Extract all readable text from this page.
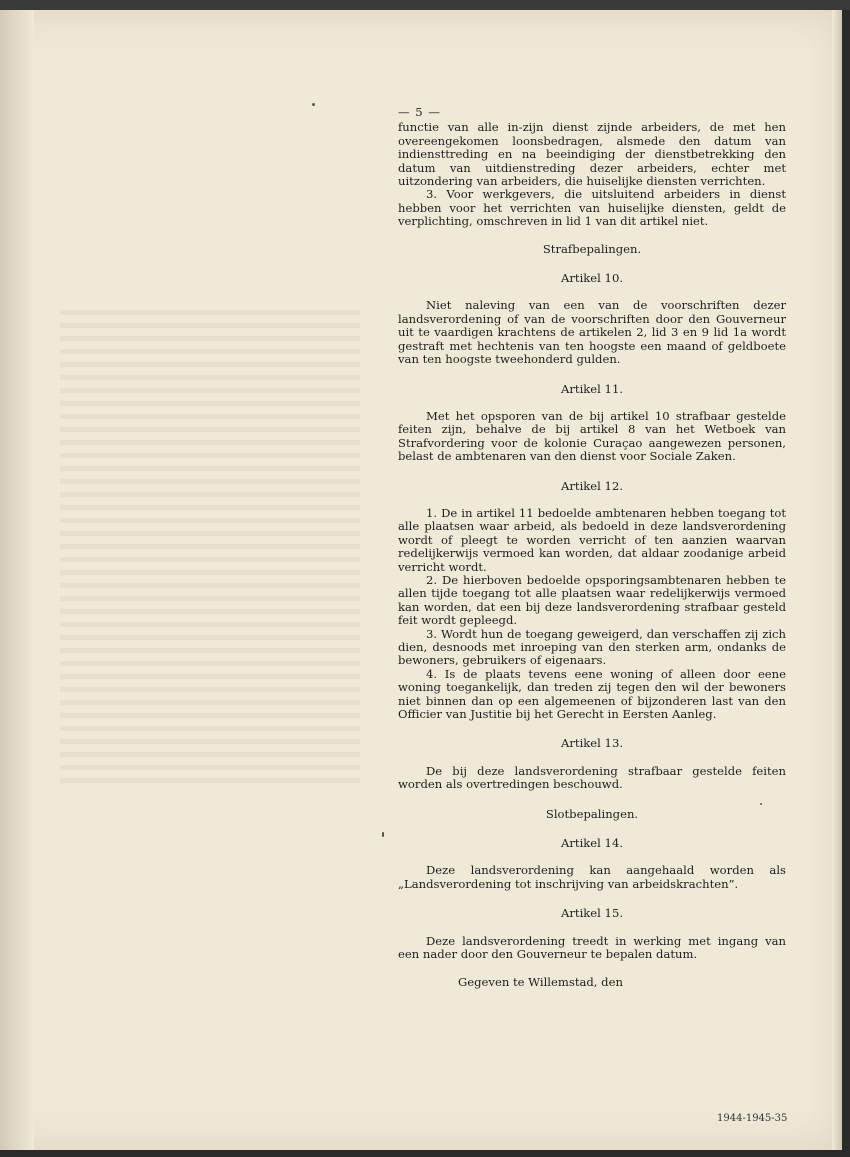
— 5 —

functie van alle in-zijn dienst zijnde arbeiders, de met hen overeengekomen loonsbedragen, alsmede den datum van indiensttreding en na beeindiging der dienstbetrekking den datum van uitdienstreding dezer arbeiders, echter met uitzondering van arbeiders, die huiselijke diensten verrichten.

3. Voor werkgevers, die uitsluitend arbeiders in dienst hebben voor het verrichten van huiselijke diensten, geldt de verplichting, omschreven in lid 1 van dit artikel niet.

Strafbepalingen.

Artikel 10.

Niet naleving van een van de voorschriften dezer landsverordening of van de voorschriften door den Gouverneur uit te vaardigen krachtens de artikelen 2, lid 3 en 9 lid 1a wordt gestraft met hechtenis van ten hoogste een maand of geldboete van ten hoogste tweehonderd gulden.

Artikel 11.

Met het opsporen van de bij artikel 10 strafbaar gestelde feiten zijn, behalve de bij artikel 8 van het Wetboek van Strafvordering voor de kolonie Curaçao aangewezen personen, belast de ambtenaren van den dienst voor Sociale Zaken.

Artikel 12.

1. De in artikel 11 bedoelde ambtenaren hebben toegang tot alle plaatsen waar arbeid, als bedoeld in deze landsverordening wordt of pleegt te worden verricht of ten aanzien waarvan redelijkerwijs vermoed kan worden, dat aldaar zoodanige arbeid verricht wordt.

2. De hierboven bedoelde opsporingsambtenaren hebben te allen tijde toegang tot alle plaatsen waar redelijkerwijs vermoed kan worden, dat een bij deze landsverordening strafbaar gesteld feit wordt gepleegd.

3. Wordt hun de toegang geweigerd, dan verschaffen zij zich dien, desnoods met inroeping van den sterken arm, ondanks de bewoners, gebruikers of eigenaars.

4. Is de plaats tevens eene woning of alleen door eene woning toegankelijk, dan treden zij tegen den wil der bewoners niet binnen dan op een algemeenen of bijzonderen last van den Officier van Justitie bij het Gerecht in Eersten Aanleg.

Artikel 13.

De bij deze landsverordening strafbaar gestelde feiten worden als overtredingen beschouwd.

Slotbepalingen.

Artikel 14.

Deze landsverordening kan aangehaald worden als „Landsverordening tot inschrijving van arbeidskrachten”.

Artikel 15.

Deze landsverordening treedt in werking met ingang van een nader door den Gouverneur te bepalen datum.

Gegeven te Willemstad, den

1944-1945-35
